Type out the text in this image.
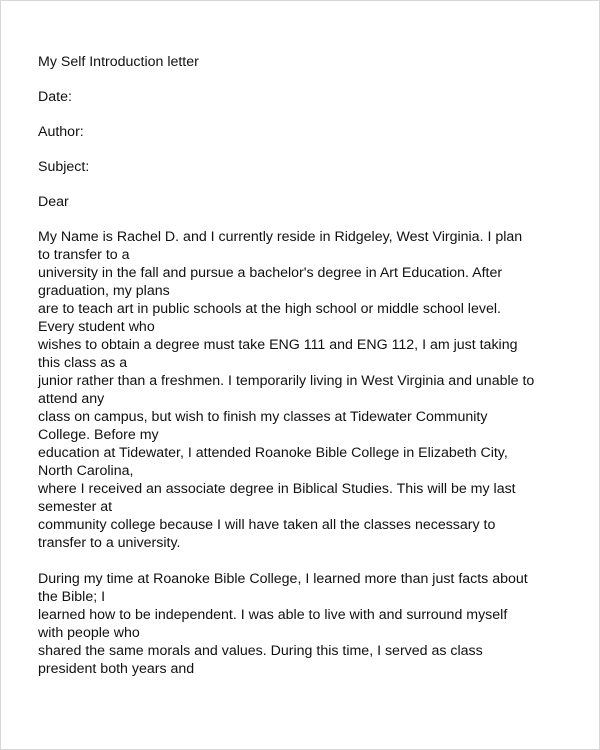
My Self Introduction letter
Date:
Author:
Subject:
Dear
My Name is Rachel D. and I currently reside in Ridgeley, West Virginia. I plan
to transfer to a
university in the fall and pursue a bachelor's degree in Art Education. After
graduation, my plans
are to teach art in public schools at the high school or middle school level.
Every student who
wishes to obtain a degree must take ENG 111 and ENG 112, I am just taking
this class as a
junior rather than a freshmen. I temporarily living in West Virginia and unable to
attend any
class on campus, but wish to finish my classes at Tidewater Community
College. Before my
education at Tidewater, I attended Roanoke Bible College in Elizabeth City,
North Carolina,
where I received an associate degree in Biblical Studies. This will be my last
semester at
community college because I will have taken all the classes necessary to
transfer to a university.
During my time at Roanoke Bible College, I learned more than just facts about
the Bible; I
learned how to be independent. I was able to live with and surround myself
with people who
shared the same morals and values. During this time, I served as class
president both years and
